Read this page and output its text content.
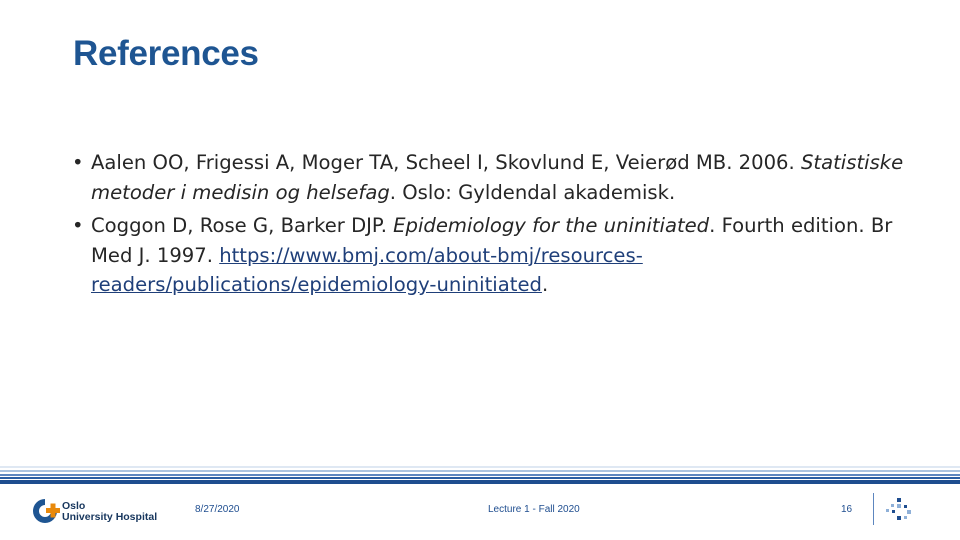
References
• Aalen OO, Frigessi A, Moger TA, Scheel I, Skovlund E, Veierød MB. 2006. Statistiske metoder i medisin og helsefag. Oslo: Gyldendal akademisk.
• Coggon D, Rose G, Barker DJP. Epidemiology for the uninitiated. Fourth edition. Br Med J. 1997. https://www.bmj.com/about-bmj/resources-readers/publications/epidemiology-uninitiated.
Oslo
University Hospital
8/27/2020	Lecture 1 - Fall 2020	16
